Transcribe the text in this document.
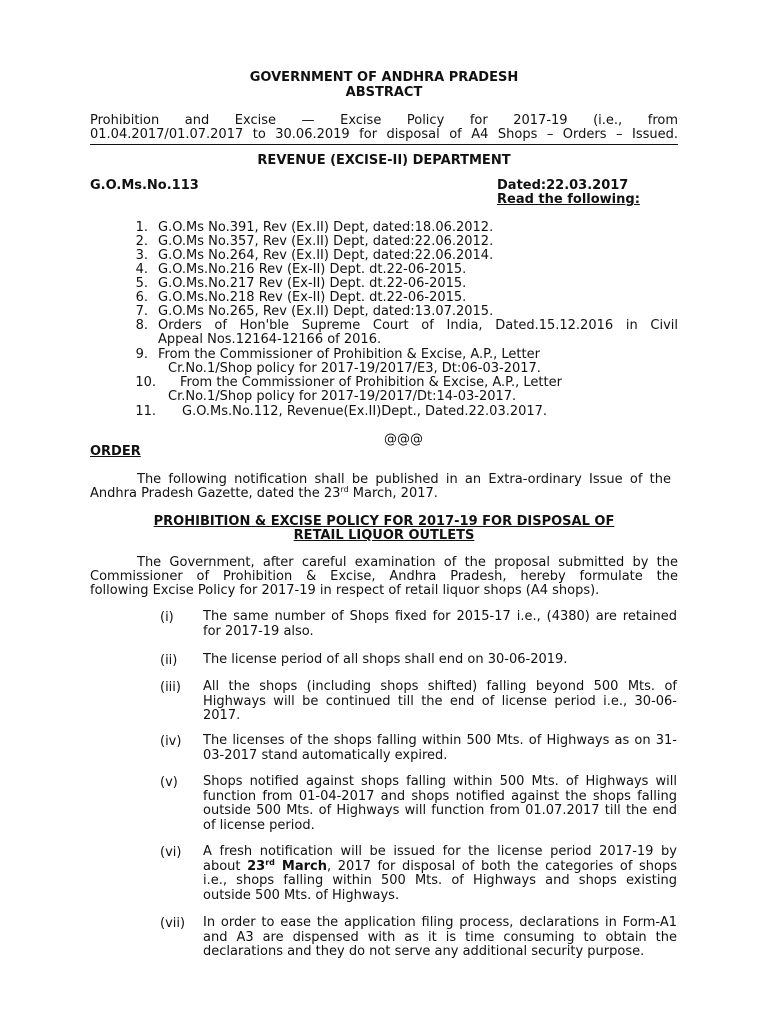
GOVERNMENT OF ANDHRA PRADESH
ABSTRACT
Prohibition and Excise — Excise Policy for 2017-19 (i.e., from
01.04.2017/01.07.2017 to 30.06.2019 for disposal of A4 Shops – Orders – Issued.
REVENUE (EXCISE-II) DEPARTMENT
G.O.Ms.No.113	Dated:22.03.2017
Read the following:
1. G.O.Ms No.391, Rev (Ex.II) Dept, dated:18.06.2012.
2. G.O.Ms No.357, Rev (Ex.II) Dept, dated:22.06.2012.
3. G.O.Ms No.264, Rev (Ex.II) Dept, dated:22.06.2014.
4. G.O.Ms.No.216 Rev (Ex-II) Dept. dt.22-06-2015.
5. G.O.Ms.No.217 Rev (Ex-II) Dept. dt.22-06-2015.
6. G.O.Ms.No.218 Rev (Ex-II) Dept. dt.22-06-2015.
7. G.O.Ms No.265, Rev (Ex.II) Dept, dated:13.07.2015.
8. Orders of Hon'ble Supreme Court of India, Dated.15.12.2016 in Civil
Appeal Nos.12164-12166 of 2016.
9. From the Commissioner of Prohibition & Excise, A.P., Letter
Cr.No.1/Shop policy for 2017-19/2017/E3, Dt:06-03-2017.
10. From the Commissioner of Prohibition & Excise, A.P., Letter
Cr.No.1/Shop policy for 2017-19/2017/Dt:14-03-2017.
11. G.O.Ms.No.112, Revenue(Ex.II)Dept., Dated.22.03.2017.
@@@
ORDER
The following notification shall be published in an Extra-ordinary Issue of the
Andhra Pradesh Gazette, dated the 23rd March, 2017.
PROHIBITION & EXCISE POLICY FOR 2017-19 FOR DISPOSAL OF
RETAIL LIQUOR OUTLETS
The Government, after careful examination of the proposal submitted by the
Commissioner of Prohibition & Excise, Andhra Pradesh, hereby formulate the
following Excise Policy for 2017-19 in respect of retail liquor shops (A4 shops).
(i) The same number of Shops fixed for 2015-17 i.e., (4380) are retained for 2017-19 also.
(ii) The license period of all shops shall end on 30-06-2019.
(iii) All the shops (including shops shifted) falling beyond 500 Mts. of Highways will be continued till the end of license period i.e., 30-06-2017.
(iv) The licenses of the shops falling within 500 Mts. of Highways as on 31-03-2017 stand automatically expired.
(v) Shops notified against shops falling within 500 Mts. of Highways will function from 01-04-2017 and shops notified against the shops falling outside 500 Mts. of Highways will function from 01.07.2017 till the end of license period.
(vi) A fresh notification will be issued for the license period 2017-19 by about 23rd March, 2017 for disposal of both the categories of shops i.e., shops falling within 500 Mts. of Highways and shops existing outside 500 Mts. of Highways.
(vii) In order to ease the application filing process, declarations in Form-A1 and A3 are dispensed with as it is time consuming to obtain the declarations and they do not serve any additional security purpose.
